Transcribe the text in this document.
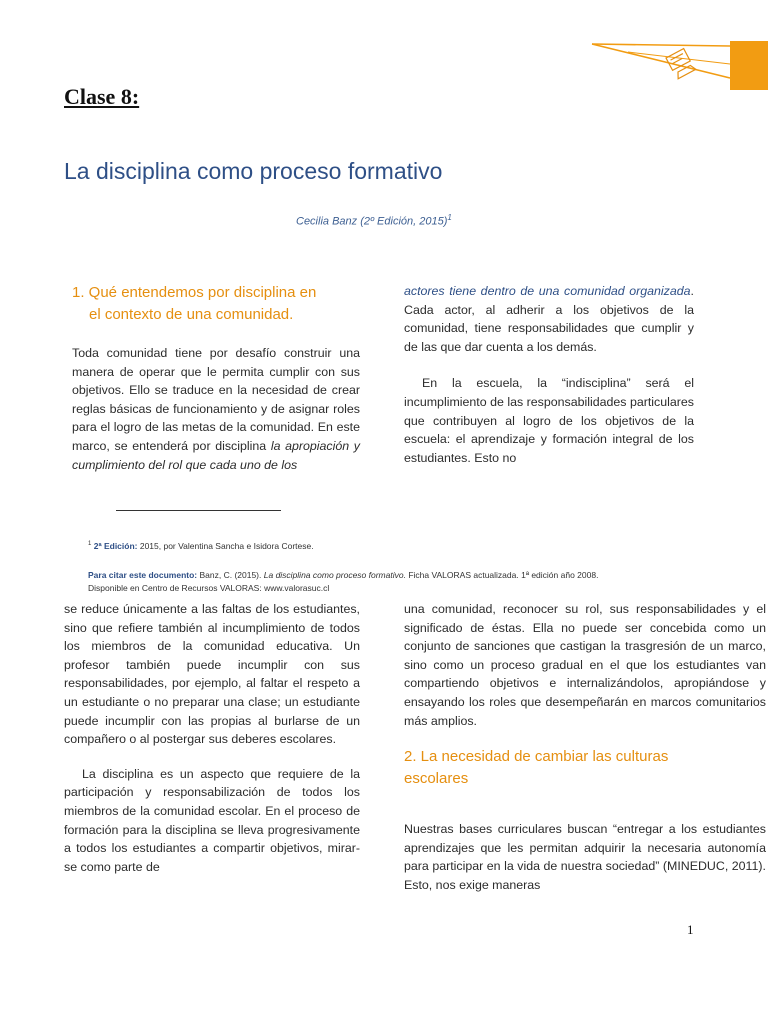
Clase 8:
La disciplina como proceso formativo
Cecilia Banz (2º Edición, 2015)$^1$
1. Qué entendemos por disciplina en
el contexto de una comunidad.

Toda comunidad tiene por desafío construir una manera de operar que le permita cumplir con sus objetivos. Ello se traduce en la necesidad de crear reglas básicas de funcionamiento y de asignar roles para el logro de las metas de la comunidad. En este marco, se entenderá por disciplina la apropiación y cumplimiento del rol que cada uno de los

actores tiene dentro de una comunidad organizada. Cada actor, al adherir a los objetivos de la comunidad, tiene responsabilidades que cumplir y de las que dar cuenta a los demás.

En la escuela, la “indisciplina” será el incumplimiento de las responsabilidades particulares que contribuyen al logro de los objetivos de la escuela: el aprendizaje y formación integral de los estudiantes. Esto no

$^1$ 2ª Edición: 2015, por Valentina Sancha e Isidora Cortese.

Para citar este documento: Banz, C. (2015). La disciplina como proceso formativo. Ficha VALORAS actualizada. 1ª edición año 2008.

Disponible en Centro de Recursos VALORAS: www.valorasuc.cl

se reduce únicamente a las faltas de los estudiantes, sino que refiere también al incumplimiento de todos los miembros de la comunidad educativa. Un profesor también puede incumplir con sus responsabilidades, por ejemplo, al faltar el respeto a un estudiante o no preparar una clase; un estudiante puede incumplir con las propias al burlarse de un compañero o al postergar sus deberes escolares.

La disciplina es un aspecto que requiere de la participación y responsabilización de todos los miembros de la comunidad escolar. En el proceso de formación para la disciplina se lleva progresivamente a todos los estudiantes a compartir objetivos, mirar-se como parte de

una comunidad, reconocer su rol, sus responsabilidades y el significado de éstas. Ella no puede ser concebida como un conjunto de sanciones que castigan la trasgresión de un marco, sino como un proceso gradual en el que los estudiantes van compartiendo objetivos e internalizándolos, apropiándose y ensayando los roles que desempeñarán en marcos comunitarios más amplios.

2. La necesidad de cambiar las culturas
escolares

Nuestras bases curriculares buscan “entregar a los estudiantes aprendizajes que les permitan adquirir la necesaria autonomía para participar en la vida de nuestra sociedad” (MINEDUC, 2011). Esto, nos exige maneras

1
